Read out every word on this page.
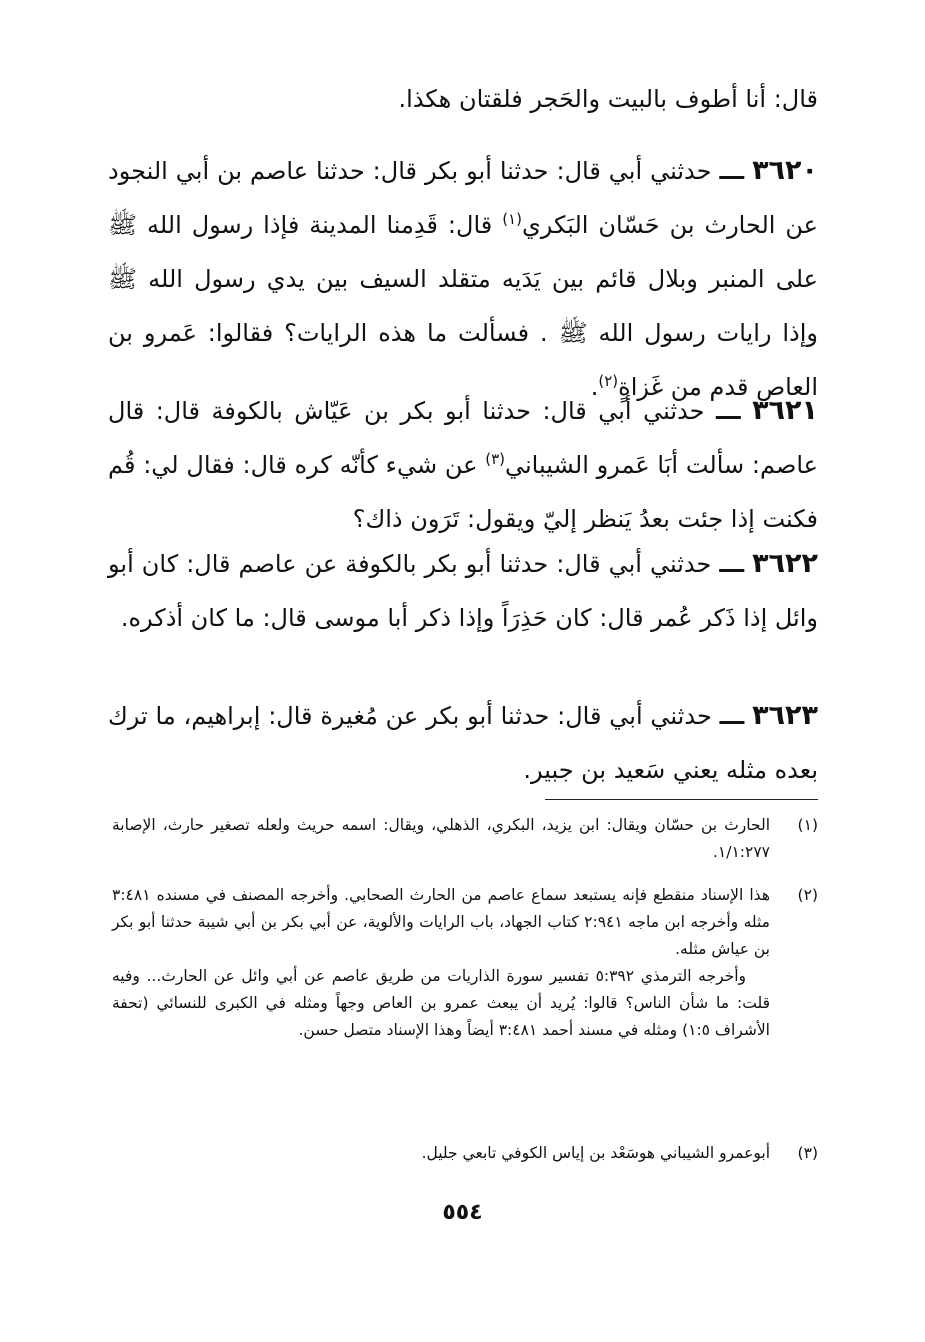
قال: أنا أطوف بالبيت والحَجر فلقتان هكذا.
٣٦٢٠ ـــ حدثني أبي قال: حدثنا أبو بكر قال: حدثنا عاصم بن أبي النجود عن الحارث بن حَسّان البَكري$^{(١)}$ قال: قَدِمنا المدينة فإذا رسول الله ﷺ على المنبر وبلال قائم بين يَدَيه متقلد السيف بين يدي رسول الله ﷺ وإذا رايات رسول الله ﷺ . فسألت ما هذه الرايات؟ فقالوا: عَمرو بن العاص قدم من غَزاةٍ$^{(٢)}$.
٣٦٢١ ـــ حدثني أبي قال: حدثنا أبو بكر بن عَيّاش بالكوفة قال: قال عاصم: سألت أبَا عَمرو الشيباني$^{(٣)}$ عن شيء كأنّه كره قال: فقال لي: قُم فكنت إذا جئت بعدُ يَنظر إليّ ويقول: تَرَون ذاك؟
٣٦٢٢ ـــ حدثني أبي قال: حدثنا أبو بكر بالكوفة عن عاصم قال: كان أبو وائل إذا ذَكر عُمر قال: كان حَذِرَاً وإذا ذكر أبا موسى قال: ما كان أذكره.
٣٦٢٣ ـــ حدثني أبي قال: حدثنا أبو بكر عن مُغيرة قال: إبراهيم، ما ترك بعده مثله يعني سَعيد بن جبير.
(١)
الحارث بن حسّان ويقال: ابن يزيد، البكري، الذهلي، ويقال: اسمه حريث ولعله تصغير حارث، الإصابة ١/١:٢٧٧.
(٢)
هذا الإسناد منقطع فإنه يستبعد سماع عاصم من الحارث الصحابي. وأخرجه المصنف في مسنده ٣:٤٨١ مثله وأخرجه ابن ماجه ٢:٩٤١ كتاب الجهاد، باب الرايات والألوية، عن أبي بكر بن أبي شيبة حدثنا أبو بكر بن عياش مثله.
وأخرجه الترمذي ٥:٣٩٢ تفسير سورة الذاريات من طريق عاصم عن أبي وائل عن الحارث... وفيه قلت: ما شأن الناس؟ قالوا: يُريد أن يبعث عمرو بن العاص وجهاً ومثله في الكبرى للنسائي (تحفة الأشراف ١:٥) ومثله في مسند أحمد ٣:٤٨١ أيضاً وهذا الإسناد متصل حسن.
(٣)
أبوعمرو الشيباني هوسَعْد بن إياس الكوفي تابعي جليل.
٥٥٤
